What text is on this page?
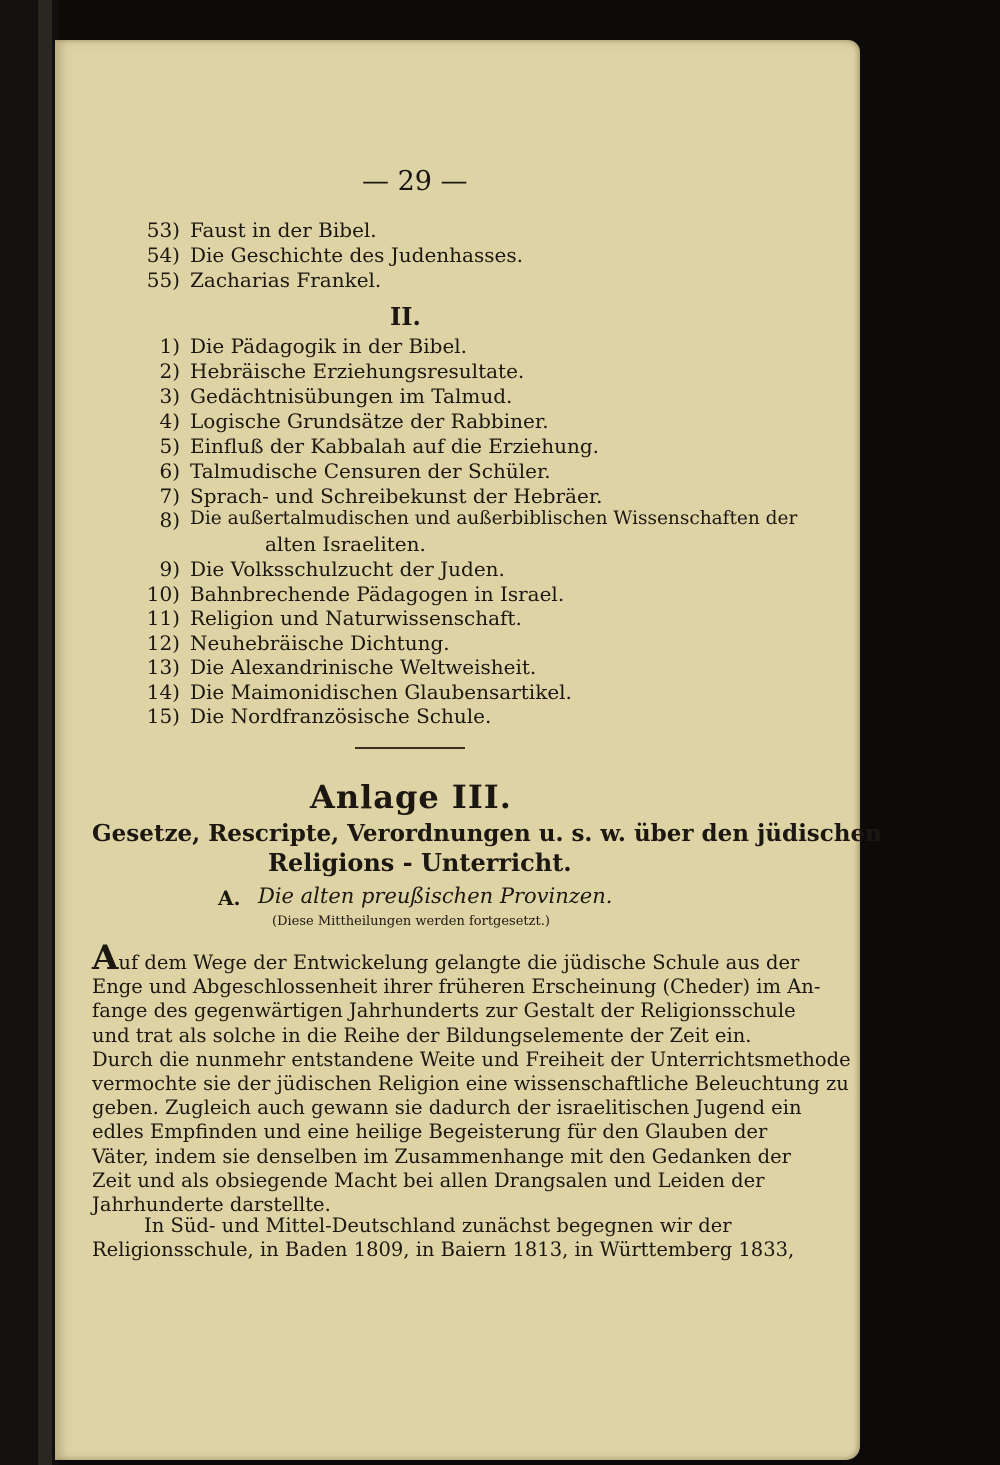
— 29 —
53) Faust in der Bibel.
54) Die Geschichte des Judenhasses.
55) Zacharias Frankel.
II.
1) Die Pädagogik in der Bibel.
2) Hebräische Erziehungsresultate.
3) Gedächtnisübungen im Talmud.
4) Logische Grundsätze der Rabbiner.
5) Einfluß der Kabbalah auf die Erziehung.
6) Talmudische Censuren der Schüler.
7) Sprach- und Schreibekunst der Hebräer.
8) Die außertalmudischen und außerbiblischen Wissenschaften der
alten Israeliten.
9) Die Volksschulzucht der Juden.
10) Bahnbrechende Pädagogen in Israel.
11) Religion und Naturwissenschaft.
12) Neuhebräische Dichtung.
13) Die Alexandrinische Weltweisheit.
14) Die Maimonidischen Glaubensartikel.
15) Die Nordfranzösische Schule.
Anlage III.
Gesetze, Rescripte, Verordnungen u. s. w. über den jüdischen
Religions - Unterricht.
A. Die alten preußischen Provinzen.
(Diese Mittheilungen werden fortgesetzt.)
Auf dem Wege der Entwickelung gelangte die jüdische Schule aus der
Enge und Abgeschlossenheit ihrer früheren Erscheinung (Cheder) im An-
fange des gegenwärtigen Jahrhunderts zur Gestalt der Religionsschule
und trat als solche in die Reihe der Bildungselemente der Zeit ein.
Durch die nunmehr entstandene Weite und Freiheit der Unterrichtsmethode
vermochte sie der jüdischen Religion eine wissenschaftliche Beleuchtung zu
geben. Zugleich auch gewann sie dadurch der israelitischen Jugend ein
edles Empfinden und eine heilige Begeisterung für den Glauben der
Väter, indem sie denselben im Zusammenhange mit den Gedanken der
Zeit und als obsiegende Macht bei allen Drangsalen und Leiden der
Jahrhunderte darstellte.
In Süd- und Mittel-Deutschland zunächst begegnen wir der
Religionsschule, in Baden 1809, in Baiern 1813, in Württemberg 1833,
